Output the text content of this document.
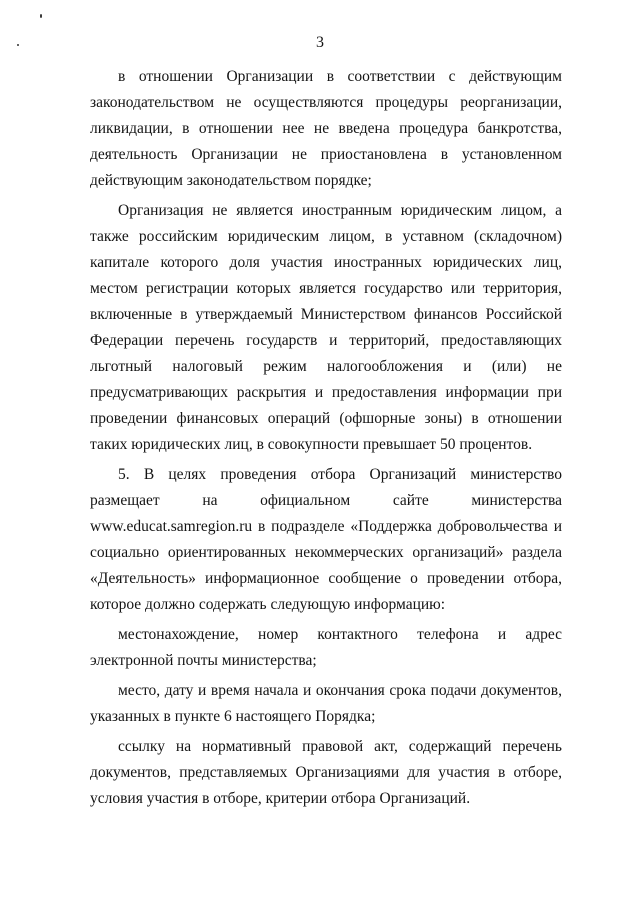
3

в отношении Организации в соответствии с действующим законодательством не осуществляются процедуры реорганизации, ликвидации, в отношении нее не введена процедура банкротства, деятельность Организации не приостановлена в установленном действующим законодательством порядке;

Организация не является иностранным юридическим лицом, а также российским юридическим лицом, в уставном (складочном) капитале которого доля участия иностранных юридических лиц, местом регистрации которых является государство или территория, включенные в утверждаемый Министерством финансов Российской Федерации перечень государств и территорий, предоставляющих льготный налоговый режим налогообложения и (или) не предусматривающих раскрытия и предоставления информации при проведении финансовых операций (офшорные зоны) в отношении таких юридических лиц, в совокупности превышает 50 процентов.

5. В целях проведения отбора Организаций министерство размещает на официальном сайте министерства www.educat.samregion.ru в подразделе «Поддержка добровольчества и социально ориентированных некоммерческих организаций» раздела «Деятельность» информационное сообщение о проведении отбора, которое должно содержать следующую информацию:

местонахождение, номер контактного телефона и адрес электронной почты министерства;

место, дату и время начала и окончания срока подачи документов, указанных в пункте 6 настоящего Порядка;

ссылку на нормативный правовой акт, содержащий перечень документов, представляемых Организациями для участия в отборе, условия участия в отборе, критерии отбора Организаций.
